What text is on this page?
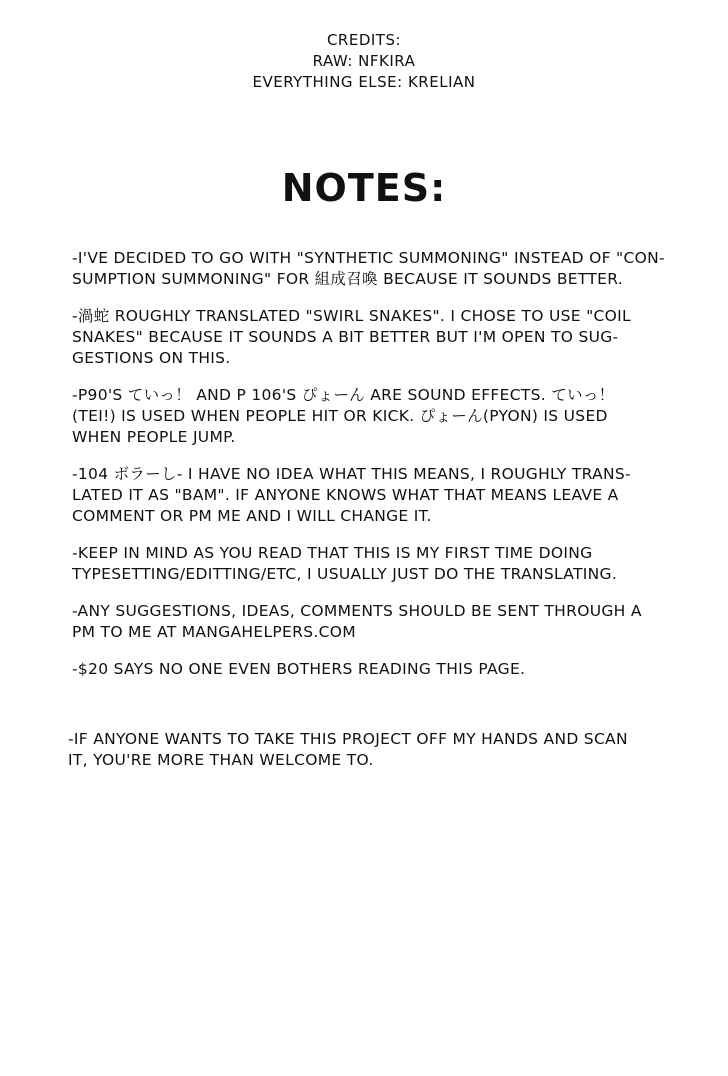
CREDITS:
RAW: NFKIRA
EVERYTHING ELSE: KRELIAN
NOTES:

-I'VE DECIDED TO GO WITH "SYNTHETIC SUMMONING" INSTEAD OF "CON-
SUMPTION SUMMONING" FOR 組成召喚 BECAUSE IT SOUNDS BETTER.

-渦蛇 ROUGHLY TRANSLATED "SWIRL SNAKES". I CHOSE TO USE "COIL
SNAKES" BECAUSE IT SOUNDS A BIT BETTER BUT I'M OPEN TO SUG-
GESTIONS ON THIS.

-P90'S ていっ！ AND P 106'S ぴょーん ARE SOUND EFFECTS. ていっ！
(TEI!) IS USED WHEN PEOPLE HIT OR KICK. ぴょーん(PYON) IS USED
WHEN PEOPLE JUMP.

-104 ボラーし- I HAVE NO IDEA WHAT THIS MEANS, I ROUGHLY TRANS-
LATED IT AS "BAM". IF ANYONE KNOWS WHAT THAT MEANS LEAVE A
COMMENT OR PM ME AND I WILL CHANGE IT.

-KEEP IN MIND AS YOU READ THAT THIS IS MY FIRST TIME DOING
TYPESETTING/EDITTING/ETC, I USUALLY JUST DO THE TRANSLATING.

-ANY SUGGESTIONS, IDEAS, COMMENTS SHOULD BE SENT THROUGH A
PM TO ME AT MANGAHELPERS.COM

-$20 SAYS NO ONE EVEN BOTHERS READING THIS PAGE.

-IF ANYONE WANTS TO TAKE THIS PROJECT OFF MY HANDS AND SCAN
IT, YOU'RE MORE THAN WELCOME TO.
